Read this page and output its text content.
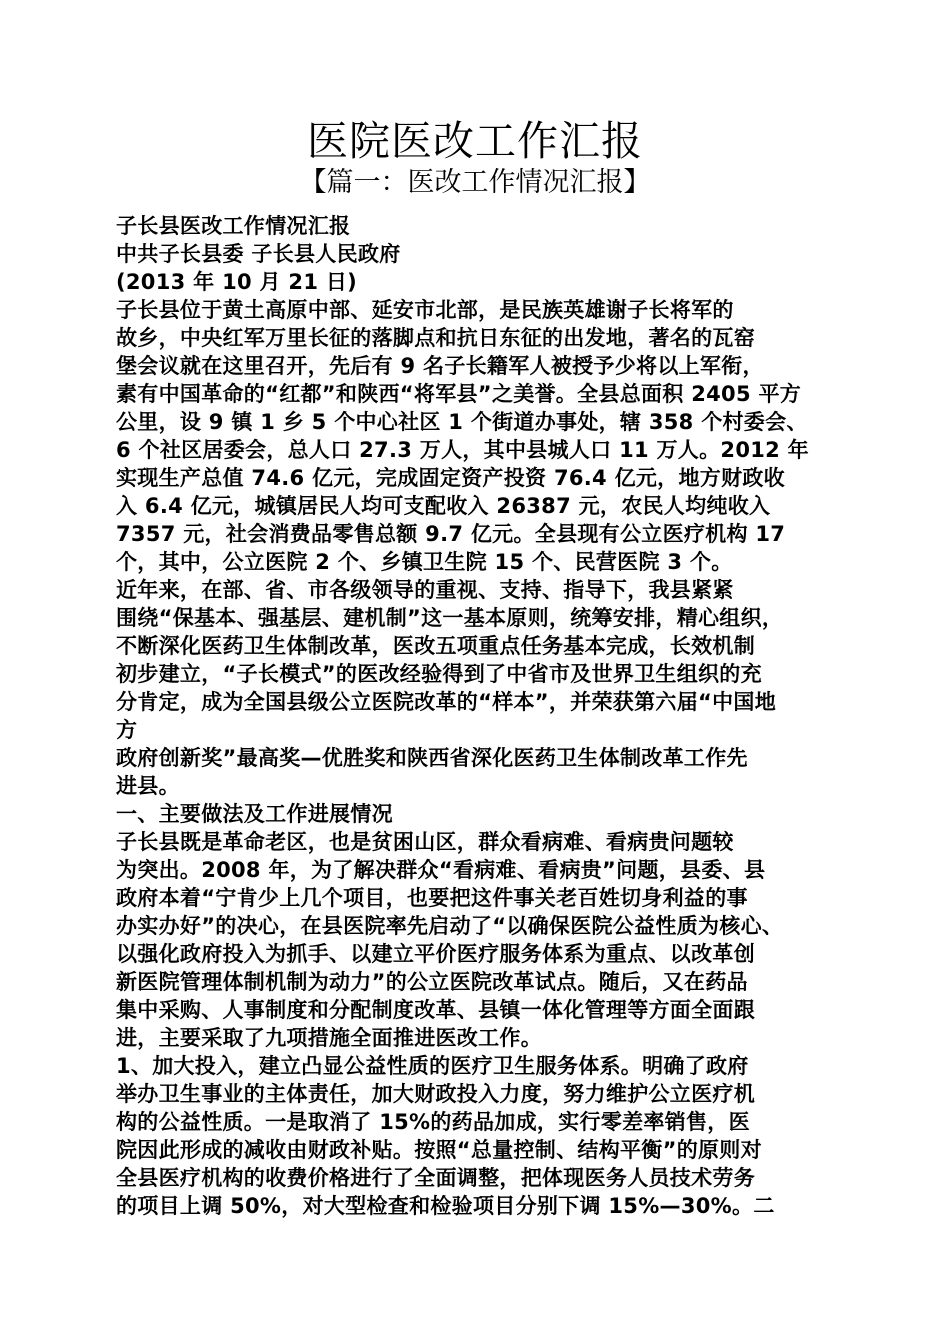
医院医改工作汇报
【篇一：医改工作情况汇报】
子长县医改工作情况汇报
中共子长县委 子长县人民政府
(2013 年 10 月 21 日)
子长县位于黄土高原中部、延安市北部，是民族英雄谢子长将军的
故乡，中央红军万里长征的落脚点和抗日东征的出发地，著名的瓦窑
堡会议就在这里召开，先后有 9 名子长籍军人被授予少将以上军衔，
素有中国革命的“红都”和陕西“将军县”之美誉。全县总面积 2405 平方
公里，设 9 镇 1 乡 5 个中心社区 1 个街道办事处，辖 358 个村委会、
6 个社区居委会，总人口 27.3 万人，其中县城人口 11 万人。2012 年
实现生产总值 74.6 亿元，完成固定资产投资 76.4 亿元，地方财政收
入 6.4 亿元，城镇居民人均可支配收入 26387 元，农民人均纯收入
7357 元，社会消费品零售总额 9.7 亿元。全县现有公立医疗机构 17
个，其中，公立医院 2 个、乡镇卫生院 15 个、民营医院 3 个。
近年来，在部、省、市各级领导的重视、支持、指导下，我县紧紧
围绕“保基本、强基层、建机制”这一基本原则，统筹安排，精心组织，
不断深化医药卫生体制改革，医改五项重点任务基本完成，长效机制
初步建立，“子长模式”的医改经验得到了中省市及世界卫生组织的充
分肯定，成为全国县级公立医院改革的“样本”，并荣获第六届“中国地
方
政府创新奖”最高奖—优胜奖和陕西省深化医药卫生体制改革工作先
进县。
一、主要做法及工作进展情况
子长县既是革命老区，也是贫困山区，群众看病难、看病贵问题较
为突出。2008 年，为了解决群众“看病难、看病贵”问题，县委、县
政府本着“宁肯少上几个项目，也要把这件事关老百姓切身利益的事
办实办好”的决心，在县医院率先启动了“以确保医院公益性质为核心、
以强化政府投入为抓手、以建立平价医疗服务体系为重点、以改革创
新医院管理体制机制为动力”的公立医院改革试点。随后，又在药品
集中采购、人事制度和分配制度改革、县镇一体化管理等方面全面跟
进，主要采取了九项措施全面推进医改工作。
1、加大投入，建立凸显公益性质的医疗卫生服务体系。明确了政府
举办卫生事业的主体责任，加大财政投入力度，努力维护公立医疗机
构的公益性质。一是取消了 15%的药品加成，实行零差率销售，医
院因此形成的减收由财政补贴。按照“总量控制、结构平衡”的原则对
全县医疗机构的收费价格进行了全面调整，把体现医务人员技术劳务
的项目上调 50%，对大型检查和检验项目分别下调 15%—30%。二
